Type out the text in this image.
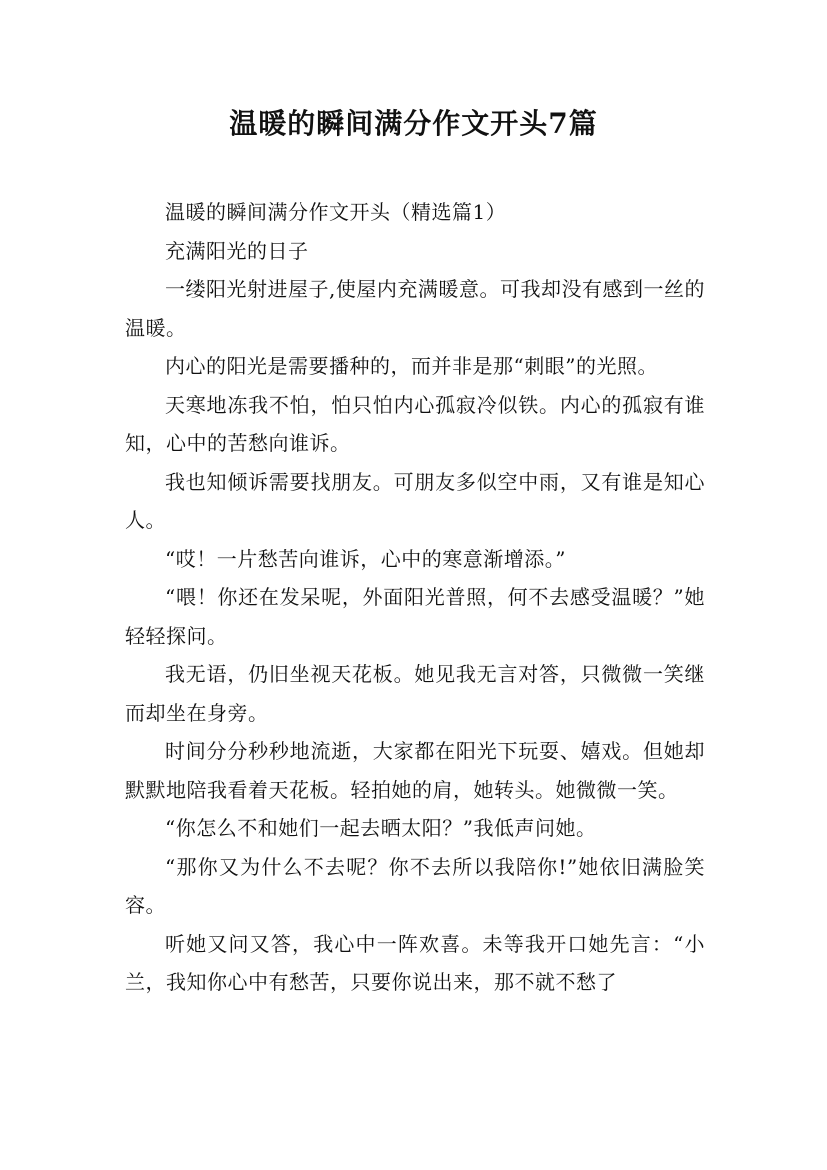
温暖的瞬间满分作文开头7篇

温暖的瞬间满分作文开头（精选篇1）

充满阳光的日子

一缕阳光射进屋子,使屋内充满暖意。可我却没有感到一丝的温暖。

内心的阳光是需要播种的，而并非是那“刺眼”的光照。

天寒地冻我不怕，怕只怕内心孤寂冷似铁。内心的孤寂有谁知，心中的苦愁向谁诉。

我也知倾诉需要找朋友。可朋友多似空中雨，又有谁是知心人。

“哎！一片愁苦向谁诉，心中的寒意渐增添。”

“喂！你还在发呆呢，外面阳光普照，何不去感受温暖？”她轻轻探问。

我无语，仍旧坐视天花板。她见我无言对答，只微微一笑继而却坐在身旁。

时间分分秒秒地流逝，大家都在阳光下玩耍、嬉戏。但她却默默地陪我看着天花板。轻拍她的肩，她转头。她微微一笑。

“你怎么不和她们一起去晒太阳？”我低声问她。

“那你又为什么不去呢？你不去所以我陪你!”她依旧满脸笑容。

听她又问又答，我心中一阵欢喜。未等我开口她先言：“小兰，我知你心中有愁苦，只要你说出来，那不就不愁了
